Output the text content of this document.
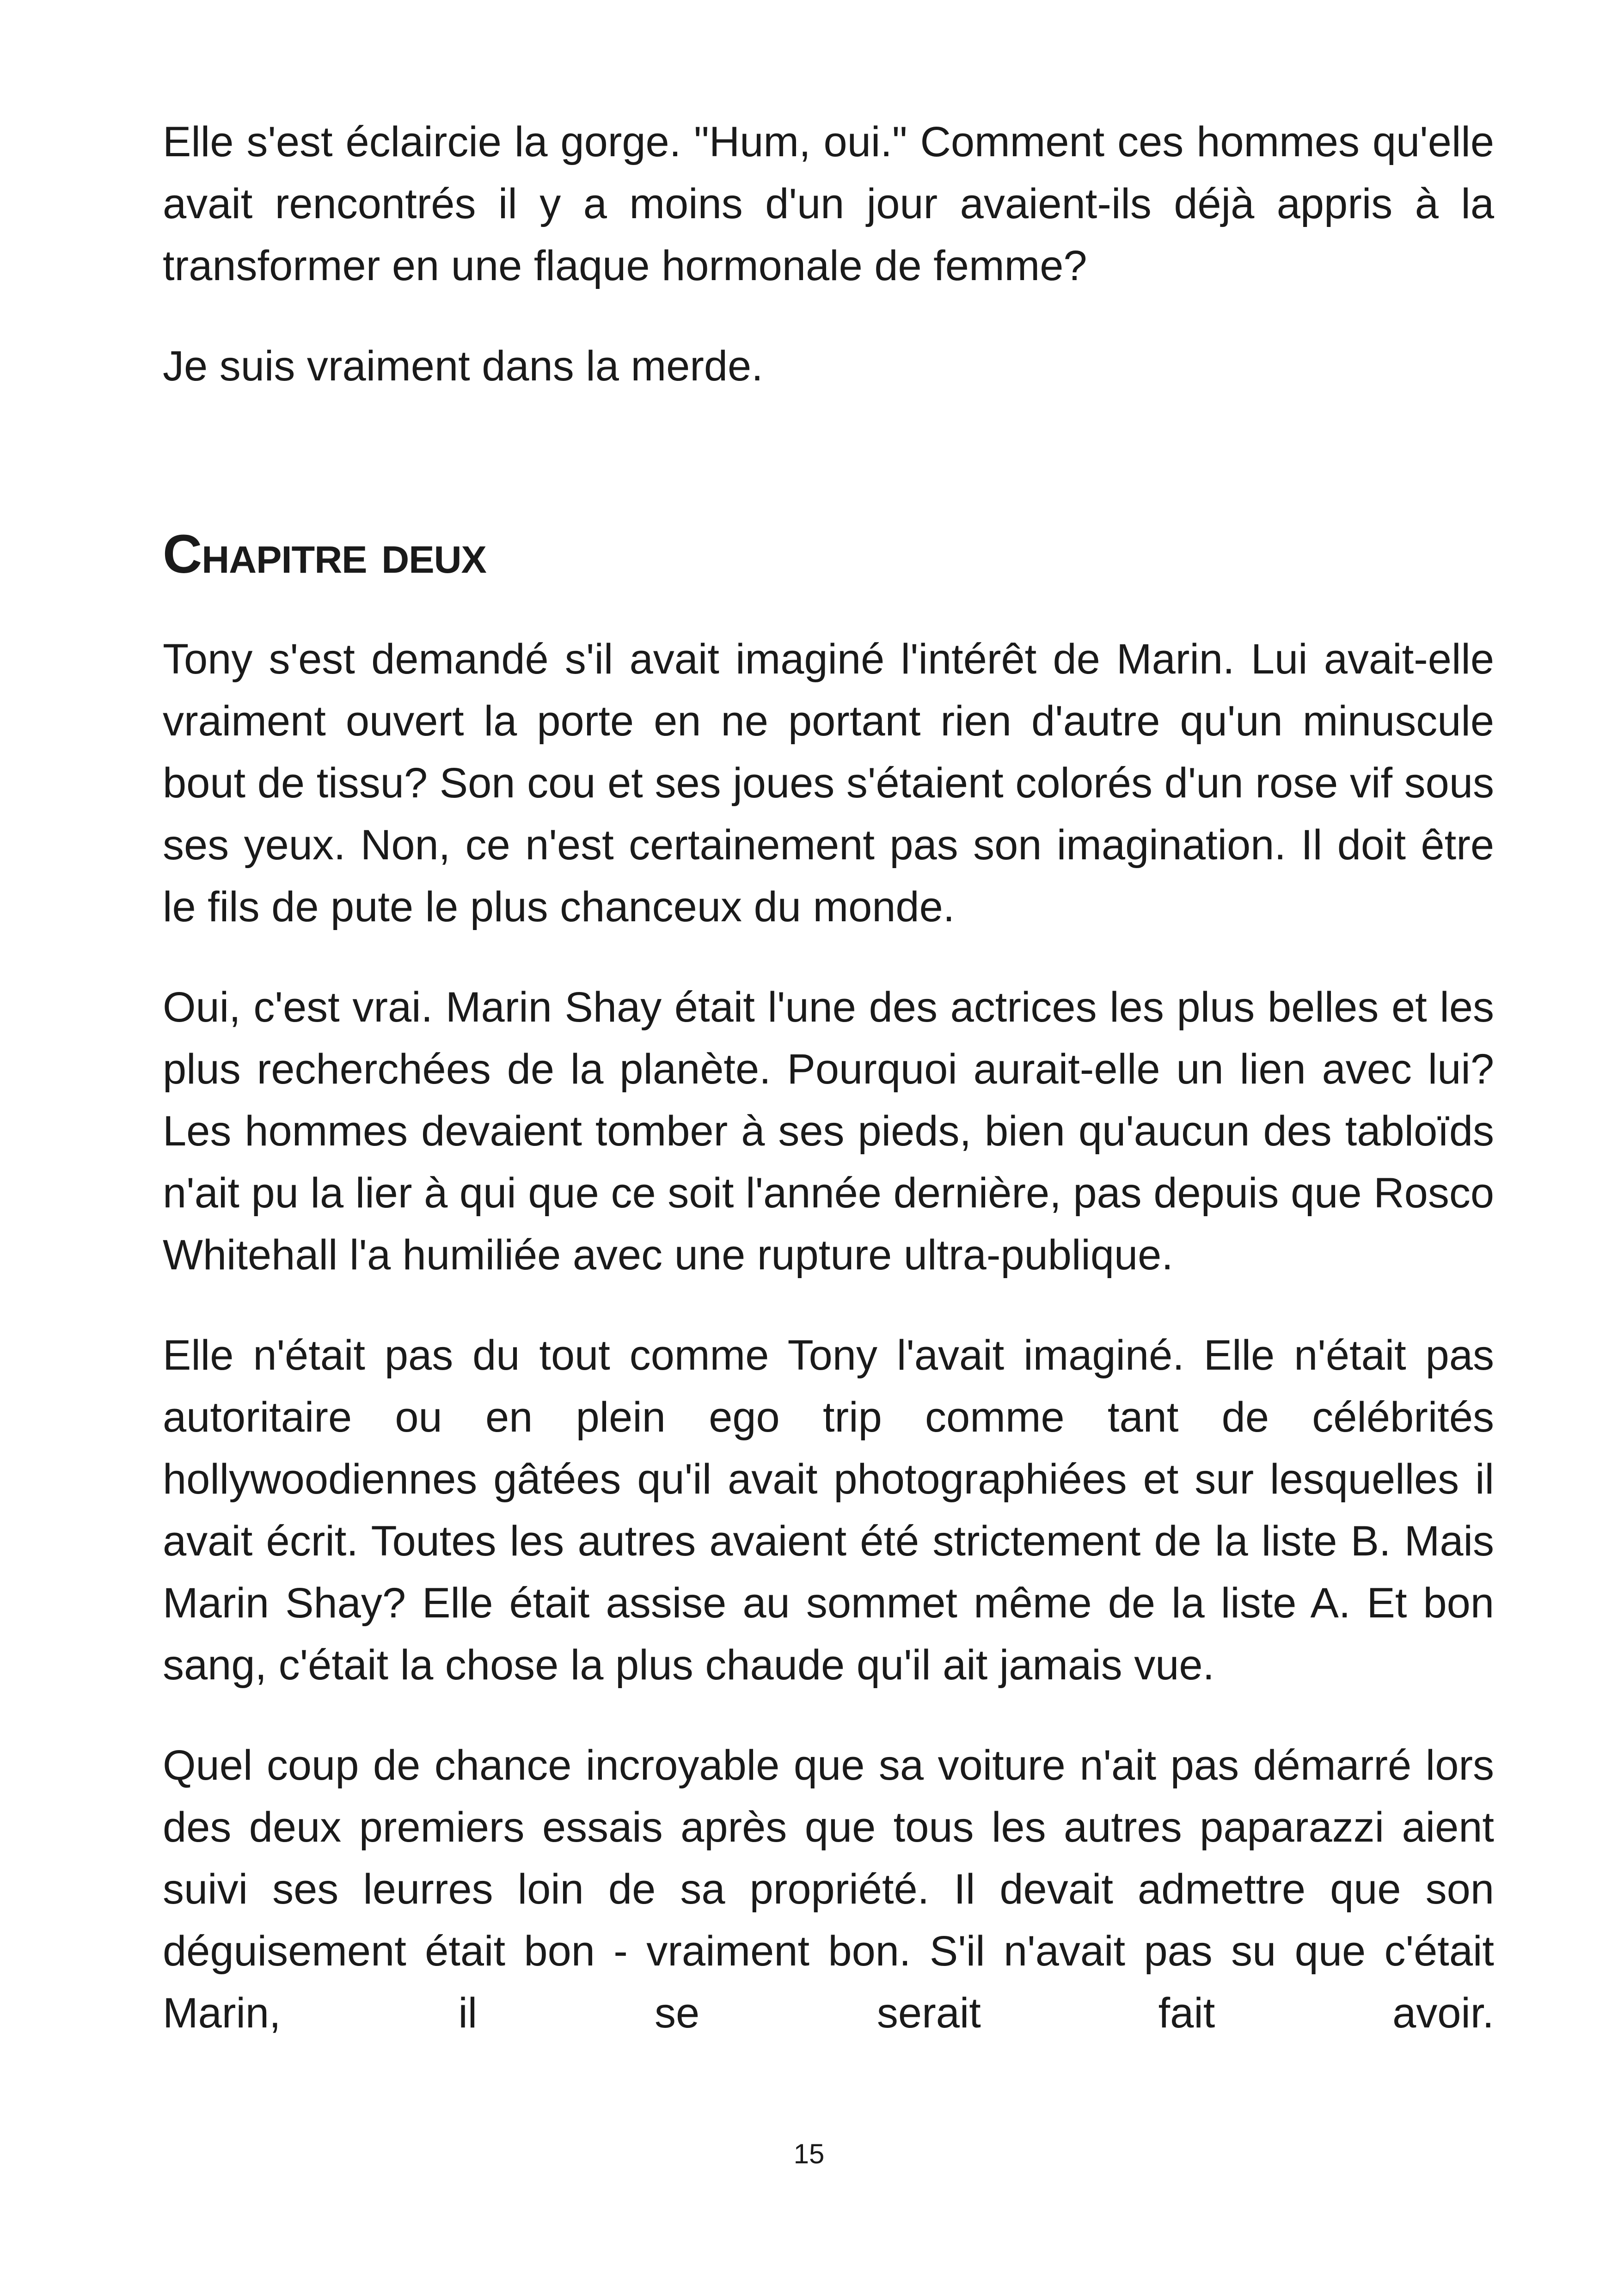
Elle s'est éclaircie la gorge. "Hum, oui." Comment ces hommes qu'elle avait rencontrés il y a moins d'un jour avaient-ils déjà appris à la transformer en une flaque hormonale de femme?

Je suis vraiment dans la merde.

Chapitre deux

Tony s'est demandé s'il avait imaginé l'intérêt de Marin. Lui avait-elle vraiment ouvert la porte en ne portant rien d'autre qu'un minuscule bout de tissu? Son cou et ses joues s'étaient colorés d'un rose vif sous ses yeux. Non, ce n'est certainement pas son imagination. Il doit être le fils de pute le plus chanceux du monde.

Oui, c'est vrai. Marin Shay était l'une des actrices les plus belles et les plus recherchées de la planète. Pourquoi aurait-elle un lien avec lui? Les hommes devaient tomber à ses pieds, bien qu'aucun des tabloïds n'ait pu la lier à qui que ce soit l'année dernière, pas depuis que Rosco Whitehall l'a humiliée avec une rupture ultra-publique.

Elle n'était pas du tout comme Tony l'avait imaginé. Elle n'était pas autoritaire ou en plein ego trip comme tant de célébrités hollywoodiennes gâtées qu'il avait photographiées et sur lesquelles il avait écrit. Toutes les autres avaient été strictement de la liste B. Mais Marin Shay? Elle était assise au sommet même de la liste A. Et bon sang, c'était la chose la plus chaude qu'il ait jamais vue.

Quel coup de chance incroyable que sa voiture n'ait pas démarré lors des deux premiers essais après que tous les autres paparazzi aient suivi ses leurres loin de sa propriété. Il devait admettre que son déguisement était bon - vraiment bon. S'il n'avait pas su que c'était Marin, il se serait fait avoir.

15
